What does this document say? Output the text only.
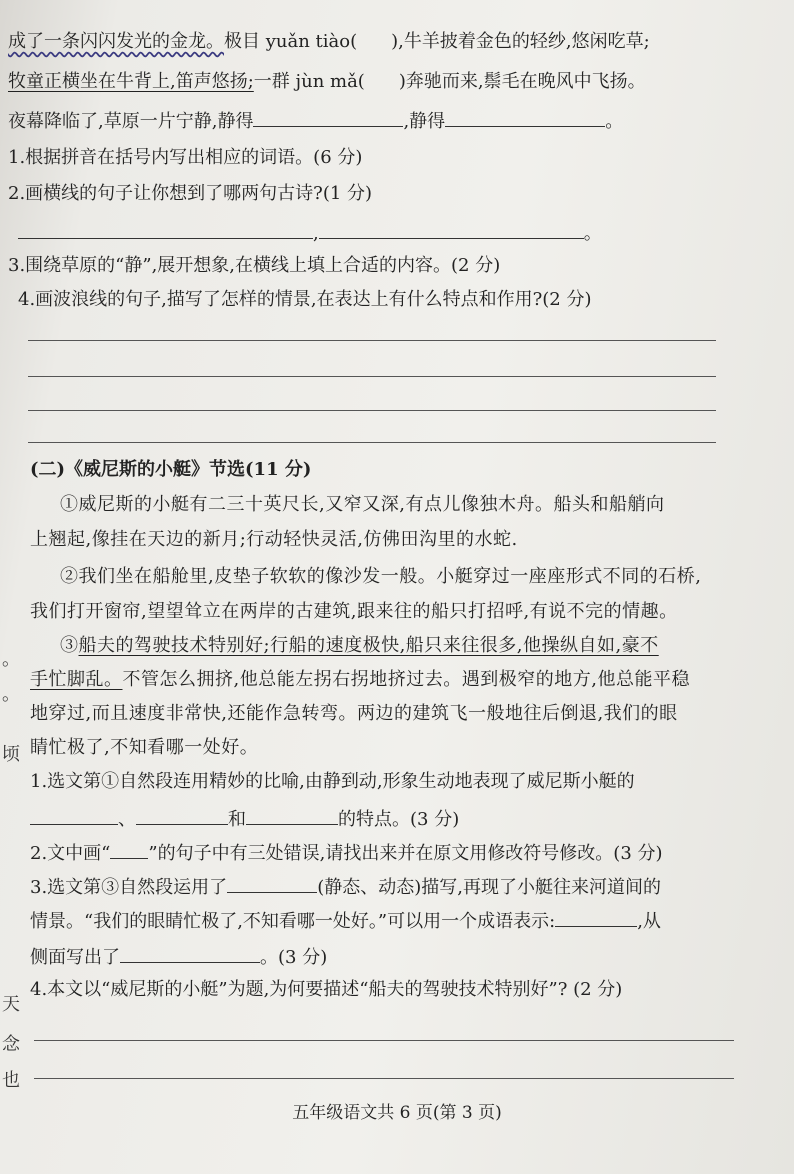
成了一条闪闪发光的金龙。极目 yuǎn tiào( ),牛羊披着金色的轻纱,悠闲吃草;
牧童正横坐在牛背上,笛声悠扬;一群 jùn mǎ( )奔驰而来,鬃毛在晚风中飞扬。
夜幕降临了,草原一片宁静,静得	,静得	。
1.根据拼音在括号内写出相应的词语。(6 分)
2.画横线的句子让你想到了哪两句古诗?(1 分)
,	。
3.围绕草原的“静”,展开想象,在横线上填上合适的内容。(2 分)
4.画波浪线的句子,描写了怎样的情景,在表达上有什么特点和作用?(2 分)
(二)《威尼斯的小艇》节选(11 分)
①威尼斯的小艇有二三十英尺长,又窄又深,有点儿像独木舟。船头和船艄向
上翘起,像挂在天边的新月;行动轻快灵活,仿佛田沟里的水蛇.
②我们坐在船舱里,皮垫子软软的像沙发一般。小艇穿过一座座形式不同的石桥,
我们打开窗帘,望望耸立在两岸的古建筑,跟来往的船只打招呼,有说不完的情趣。
③船夫的驾驶技术特别好;行船的速度极快,船只来往很多,他操纵自如,豪不
手忙脚乱。不管怎么拥挤,他总能左拐右拐地挤过去。遇到极窄的地方,他总能平稳
地穿过,而且速度非常快,还能作急转弯。两边的建筑飞一般地往后倒退,我们的眼
睛忙极了,不知看哪一处好。
1.选文第①自然段连用精妙的比喻,由静到动,形象生动地表现了威尼斯小艇的
、	和	的特点。(3 分)
2.文中画“ ”的句子中有三处错误,请找出来并在原文用修改符号修改。(3 分)
3.选文第③自然段运用了	(静态、动态)描写,再现了小艇往来河道间的
情景。“我们的眼睛忙极了,不知看哪一处好。”可以用一个成语表示:	,从
侧面写出了	。(3 分)
4.本文以“威尼斯的小艇”为题,为何要描述“船夫的驾驶技术特别好”? (2 分)
。
。
顷
天
念
也
五年级语文共 6 页(第 3 页)
